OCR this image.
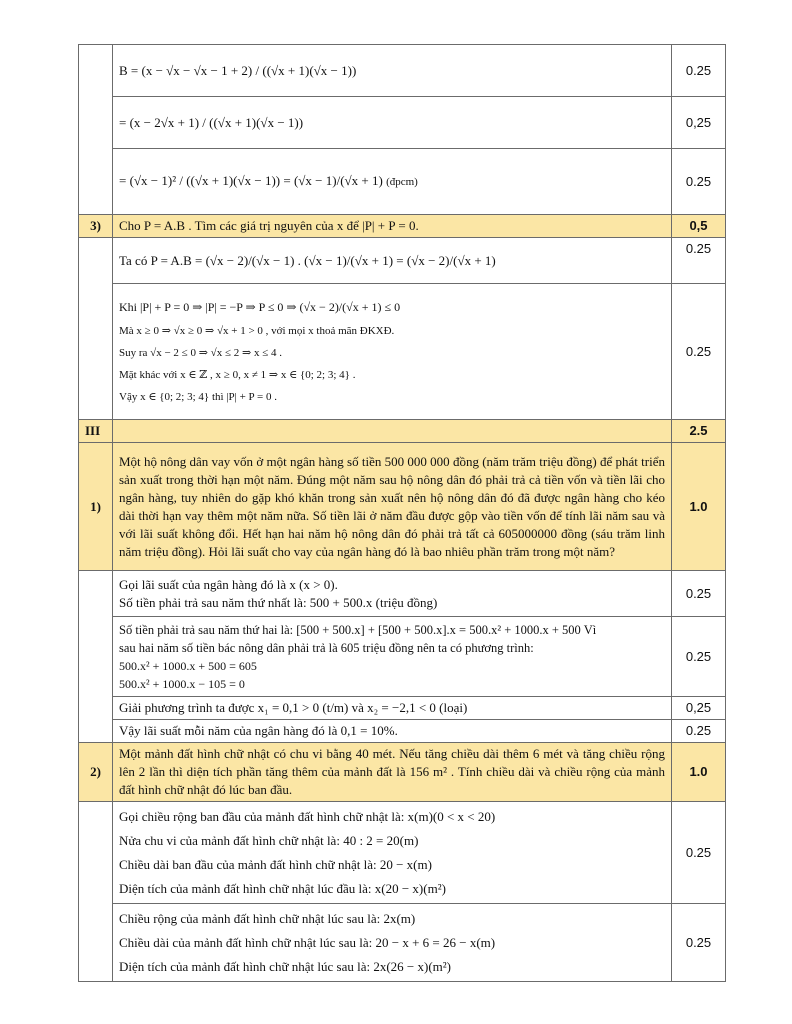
	B = (x − √x − √x − 1 + 2) / ((√x + 1)(√x − 1))	0.25
	= (x − 2√x + 1) / ((√x + 1)(√x − 1))	0,25
	= (√x − 1)² / ((√x + 1)(√x − 1)) = (√x − 1)/(√x + 1) (đpcm)	0.25
3)	Cho P = A.B . Tìm các giá trị nguyên của x để |P| + P = 0.	0,5
	Ta có P = A.B = (√x − 2)/(√x − 1) . (√x − 1)/(√x + 1) = (√x − 2)/(√x + 1)	0.25

	Khi |P| + P = 0 ⇒ |P| = −P ⇒ P ≤ 0 ⇒ (√x − 2)/(√x + 1) ≤ 0
Mà x ≥ 0 ⇒ √x ≥ 0 ⇒ √x + 1 > 0 , với mọi x thoả mãn ĐKXĐ.
Suy ra √x − 2 ≤ 0 ⇒ √x ≤ 2 ⇒ x ≤ 4 .
Mặt khác với x ∈ ℤ , x ≥ 0, x ≠ 1 ⇒ x ∈ {0; 2; 3; 4} .
Vậy x ∈ {0; 2; 3; 4} thì |P| + P = 0 .	0.25
III		2.5
1)	Một hộ nông dân vay vốn ở một ngân hàng số tiền 500 000 000 đồng (năm trăm triệu đồng) để phát triển sản xuất trong thời hạn một năm. Đúng một năm sau hộ nông dân đó phải trả cả tiền vốn và tiền lãi cho ngân hàng, tuy nhiên do gặp khó khăn trong sản xuất nên hộ nông dân đó đã được ngân hàng cho kéo dài thời hạn vay thêm một năm nữa. Số tiền lãi ở năm đầu được gộp vào tiền vốn để tính lãi năm sau và với lãi suất không đổi. Hết hạn hai năm hộ nông dân đó phải trả tất cả 605000000 đồng (sáu trăm linh năm triệu đồng). Hỏi lãi suất cho vay của ngân hàng đó là bao nhiêu phần trăm trong một năm?	1.0

	Gọi lãi suất của ngân hàng đó là x (x > 0).
Số tiền phải trả sau năm thứ nhất là: 500 + 500.x (triệu đồng)	0.25

	Số tiền phải trả sau năm thứ hai là: [500 + 500.x] + [500 + 500.x].x = 500.x² + 1000.x + 500 Vì
sau hai năm số tiền bác nông dân phải trả là 605 triệu đồng nên ta có phương trình:
500.x² + 1000.x + 500 = 605
500.x² + 1000.x − 105 = 0	0.25
	Giải phương trình ta được x₁ = 0,1 > 0 (t/m) và x₂ = −2,1 < 0 (loại)	0,25
	Vậy lãi suất mỗi năm của ngân hàng đó là 0,1 = 10%.	0.25
2)	Một mảnh đất hình chữ nhật có chu vi bằng 40 mét. Nếu tăng chiều dài thêm 6 mét và tăng chiều rộng lên 2 lần thì diện tích phần tăng thêm của mảnh đất là 156 m² . Tính chiều dài và chiều rộng của mảnh đất hình chữ nhật đó lúc ban đầu.	1.0

	Gọi chiều rộng ban đầu của mảnh đất hình chữ nhật là: x(m)(0 < x < 20)
Nửa chu vi của mảnh đất hình chữ nhật là: 40 : 2 = 20(m)
Chiều dài ban đầu của mảnh đất hình chữ nhật là: 20 − x(m)
Diện tích của mảnh đất hình chữ nhật lúc đầu là: x(20 − x)(m²)	0.25

	Chiều rộng của mảnh đất hình chữ nhật lúc sau là: 2x(m)
Chiều dài của mảnh đất hình chữ nhật lúc sau là: 20 − x + 6 = 26 − x(m)
Diện tích của mảnh đất hình chữ nhật lúc sau là: 2x(26 − x)(m²)	0.25
